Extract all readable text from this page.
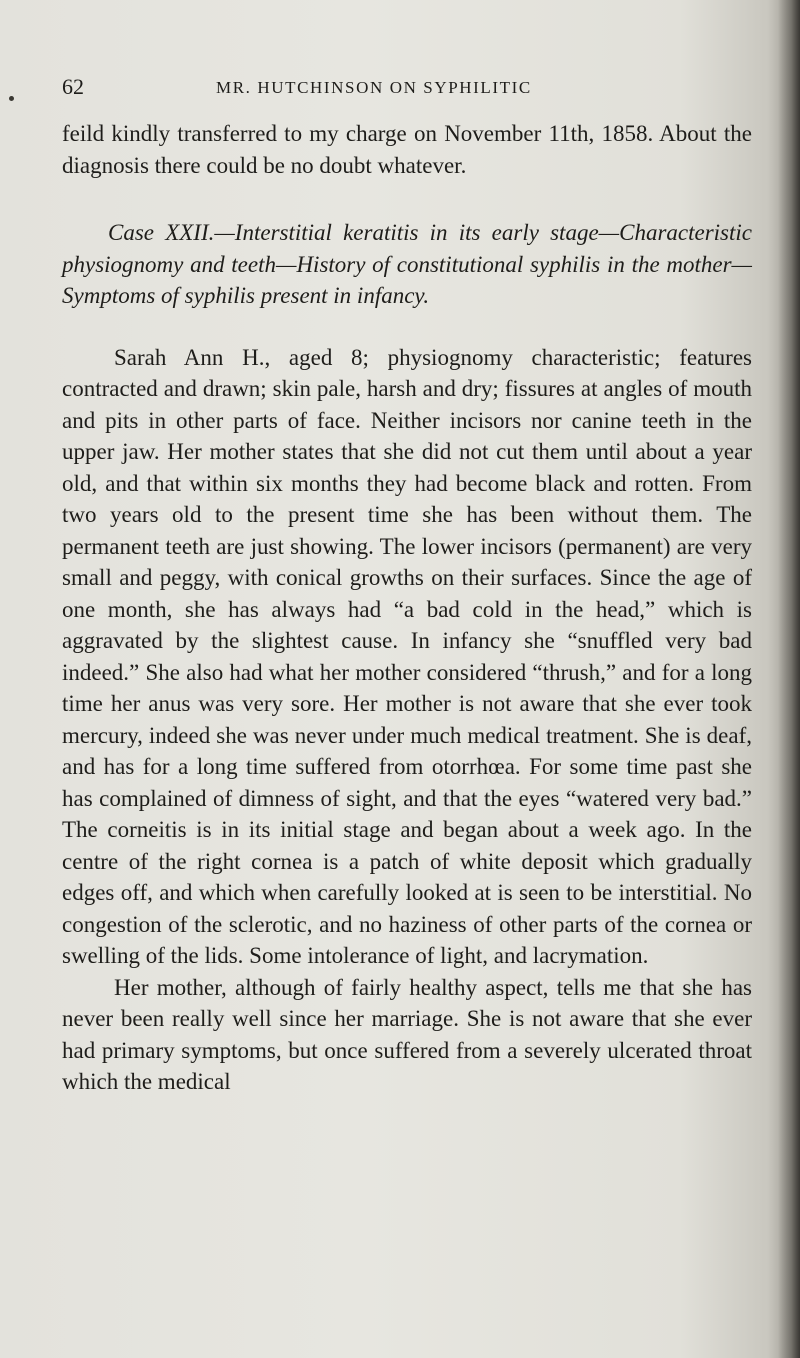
62	MR. HUTCHINSON ON SYPHILITIC

feild kindly transferred to my charge on November 11th, 1858. About the diagnosis there could be no doubt whatever.

Case XXII.—Interstitial keratitis in its early stage—Characteristic physiognomy and teeth—History of constitutional syphilis in the mother—Symptoms of syphilis present in infancy.

Sarah Ann H., aged 8; physiognomy characteristic; features contracted and drawn; skin pale, harsh and dry; fissures at angles of mouth and pits in other parts of face. Neither incisors nor canine teeth in the upper jaw. Her mother states that she did not cut them until about a year old, and that within six months they had become black and rotten. From two years old to the present time she has been without them. The permanent teeth are just showing. The lower incisors (permanent) are very small and peggy, with conical growths on their surfaces. Since the age of one month, she has always had “a bad cold in the head,” which is aggravated by the slightest cause. In infancy she “snuffled very bad indeed.” She also had what her mother considered “thrush,” and for a long time her anus was very sore. Her mother is not aware that she ever took mercury, indeed she was never under much medical treatment. She is deaf, and has for a long time suffered from otorrhœa. For some time past she has complained of dimness of sight, and that the eyes “watered very bad.” The corneitis is in its initial stage and began about a week ago. In the centre of the right cornea is a patch of white deposit which gradually edges off, and which when carefully looked at is seen to be interstitial. No congestion of the sclerotic, and no haziness of other parts of the cornea or swelling of the lids. Some intolerance of light, and lacrymation.

Her mother, although of fairly healthy aspect, tells me that she has never been really well since her marriage. She is not aware that she ever had primary symptoms, but once suffered from a severely ulcerated throat which the medical
